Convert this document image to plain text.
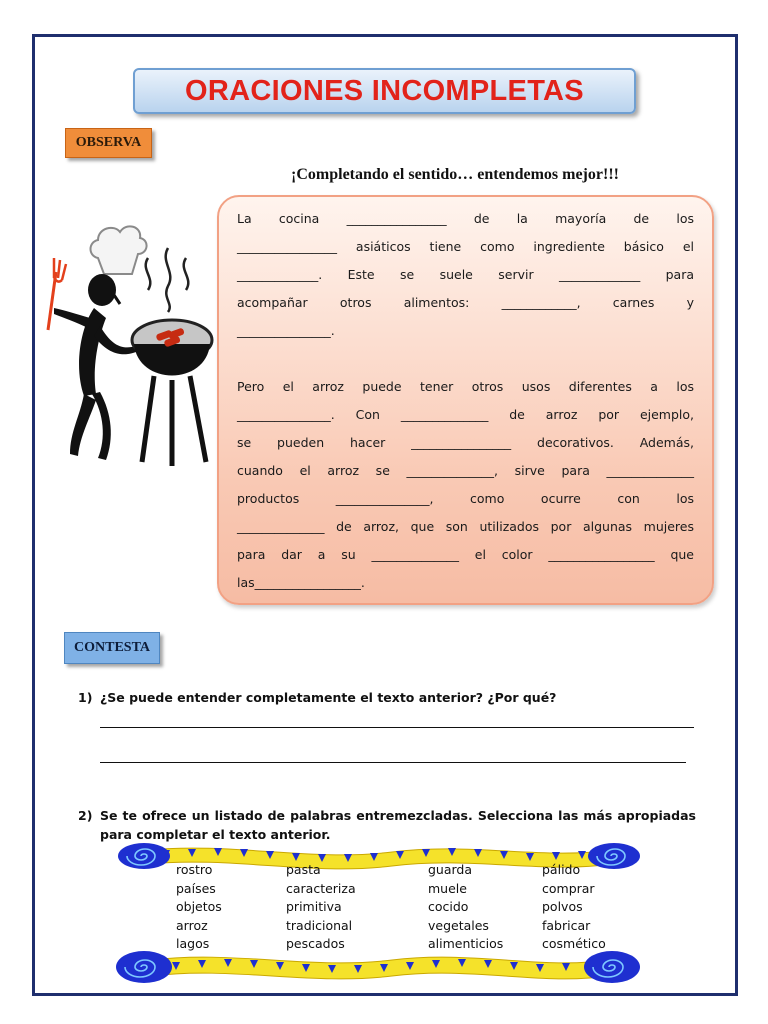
ORACIONES INCOMPLETAS
OBSERVA
¡Completando el sentido… entendemos mejor!!!

La cocina ________________ de la mayoría de los

________________ asiáticos tiene como ingrediente básico el

_____________. Este se suele servir _____________ para

acompañar otros alimentos: ____________, carnes y

_______________.

Pero el arroz puede tener otros usos diferentes a los

_______________. Con ______________ de arroz por ejemplo,

se pueden hacer ________________ decorativos. Además,

cuando el arroz se ______________, sirve para ______________

productos _______________, como ocurre con los

______________ de arroz, que son utilizados por algunas mujeres

para dar a su ______________ el color _________________ que

las_________________.

CONTESTA
1) ¿Se puede entender completamente el texto anterior? ¿Por qué?
2) Se te ofrece un listado de palabras entremezcladas. Selecciona las más apropiadas para completar el texto anterior.
rostro	pasta	guarda	pálido
países	caracteriza	muele	comprar
objetos	primitiva	cocido	polvos
arroz	tradicional	vegetales	fabricar
lagos	pescados	alimenticios	cosmético
